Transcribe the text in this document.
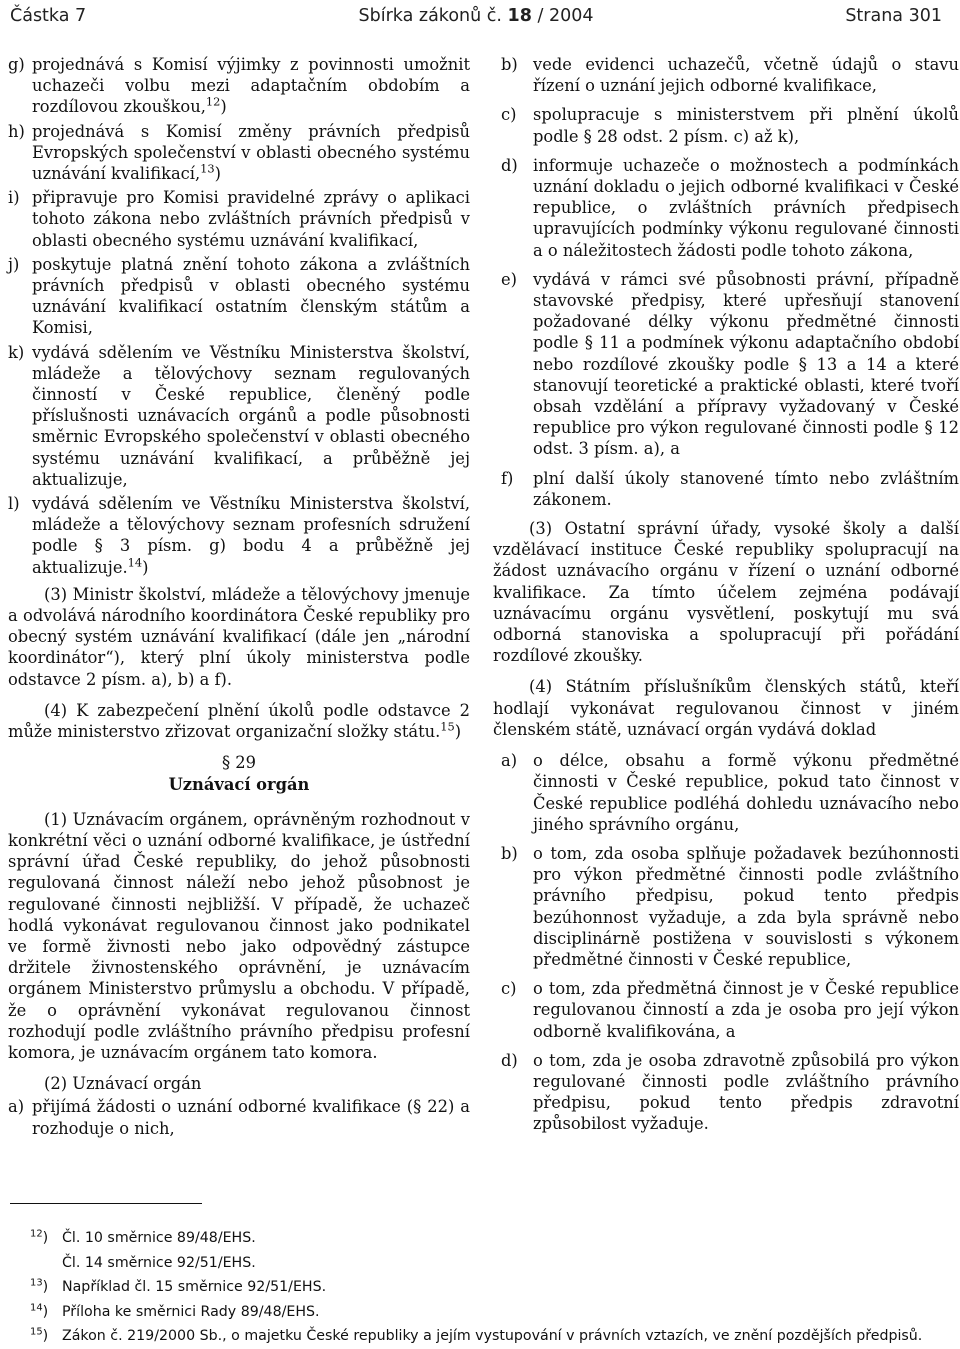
Částka 7	Sbírka zákonů č. 18 / 2004	Strana 301
g) projednává s Komisí výjimky z povinnosti umožnit uchazeči volbu mezi adaptačním obdobím a rozdílovou zkouškou,$^{12}$)
h) projednává s Komisí změny právních předpisů Evropských společenství v oblasti obecného systému uznávání kvalifikací,$^{13}$)
i) připravuje pro Komisi pravidelné zprávy o aplikaci tohoto zákona nebo zvláštních právních předpisů v oblasti obecného systému uznávání kvalifikací,
j) poskytuje platná znění tohoto zákona a zvláštních právních předpisů v oblasti obecného systému uznávání kvalifikací ostatním členským státům a Komisi,
k) vydává sdělením ve Věstníku Ministerstva školství, mládeže a tělovýchovy seznam regulovaných činností v České republice, členěný podle příslušnosti uznávacích orgánů a podle působnosti směrnic Evropského společenství v oblasti obecného systému uznávání kvalifikací, a průběžně jej aktualizuje,
l) vydává sdělením ve Věstníku Ministerstva školství, mládeže a tělovýchovy seznam profesních sdružení podle § 3 písm. g) bodu 4 a průběžně jej aktualizuje.$^{14}$)

(3) Ministr školství, mládeže a tělovýchovy jmenuje a odvolává národního koordinátora České republiky pro obecný systém uznávání kvalifikací (dále jen „národní koordinátor“), který plní úkoly ministerstva podle odstavce 2 písm. a), b) a f).

(4) K zabezpečení plnění úkolů podle odstavce 2 může ministerstvo zřizovat organizační složky státu.$^{15}$)

§ 29

Uznávací orgán

(1) Uznávacím orgánem, oprávněným rozhodnout v konkrétní věci o uznání odborné kvalifikace, je ústřední správní úřad České republiky, do jehož působnosti regulovaná činnost náleží nebo jehož působnost je regulované činnosti nejbližší. V případě, že uchazeč hodlá vykonávat regulovanou činnost jako podnikatel ve formě živnosti nebo jako odpovědný zástupce držitele živnostenského oprávnění, je uznávacím orgánem Ministerstvo průmyslu a obchodu. V případě, že o oprávnění vykonávat regulovanou činnost rozhodují podle zvláštního právního předpisu profesní komora, je uznávacím orgánem tato komora.

(2) Uznávací orgán

a) přijímá žádosti o uznání odborné kvalifikace (§ 22) a rozhoduje o nich,
b) vede evidenci uchazečů, včetně údajů o stavu řízení o uznání jejich odborné kvalifikace,
c) spolupracuje s ministerstvem při plnění úkolů podle § 28 odst. 2 písm. c) až k),
d) informuje uchazeče o možnostech a podmínkách uznání dokladu o jejich odborné kvalifikaci v České republice, o zvláštních právních předpisech upravujících podmínky výkonu regulované činnosti a o náležitostech žádosti podle tohoto zákona,
e) vydává v rámci své působnosti právní, případně stavovské předpisy, které upřesňují stanovení požadované délky výkonu předmětné činnosti podle § 11 a podmínek výkonu adaptačního období nebo rozdílové zkoušky podle § 13 a 14 a které stanovují teoretické a praktické oblasti, které tvoří obsah vzdělání a přípravy vyžadovaný v České republice pro výkon regulované činnosti podle § 12 odst. 3 písm. a), a
f) plní další úkoly stanovené tímto nebo zvláštním zákonem.

(3) Ostatní správní úřady, vysoké školy a další vzdělávací instituce České republiky spolupracují na žádost uznávacího orgánu v řízení o uznání odborné kvalifikace. Za tímto účelem zejména podávají uznávacímu orgánu vysvětlení, poskytují mu svá odborná stanoviska a spolupracují při pořádání rozdílové zkoušky.

(4) Státním příslušníkům členských států, kteří hodlají vykonávat regulovanou činnost v jiném členském státě, uznávací orgán vydává doklad

a) o délce, obsahu a formě výkonu předmětné činnosti v České republice, pokud tato činnost v České republice podléhá dohledu uznávacího nebo jiného správního orgánu,
b) o tom, zda osoba splňuje požadavek bezúhonnosti pro výkon předmětné činnosti podle zvláštního právního předpisu, pokud tento předpis bezúhonnost vyžaduje, a zda byla správně nebo disciplinárně postižena v souvislosti s výkonem předmětné činnosti v České republice,
c) o tom, zda předmětná činnost je v České republice regulovanou činností a zda je osoba pro její výkon odborně kvalifikována, a
d) o tom, zda je osoba zdravotně způsobilá pro výkon regulované činnosti podle zvláštního právního předpisu, pokud tento předpis zdravotní způsobilost vyžaduje.
$^{12}$) Čl. 10 směrnice 89/48/EHS.
Čl. 14 směrnice 92/51/EHS.
$^{13}$) Například čl. 15 směrnice 92/51/EHS.
$^{14}$) Příloha ke směrnici Rady 89/48/EHS.
$^{15}$) Zákon č. 219/2000 Sb., o majetku České republiky a jejím vystupování v právních vztazích, ve znění pozdějších předpisů.
